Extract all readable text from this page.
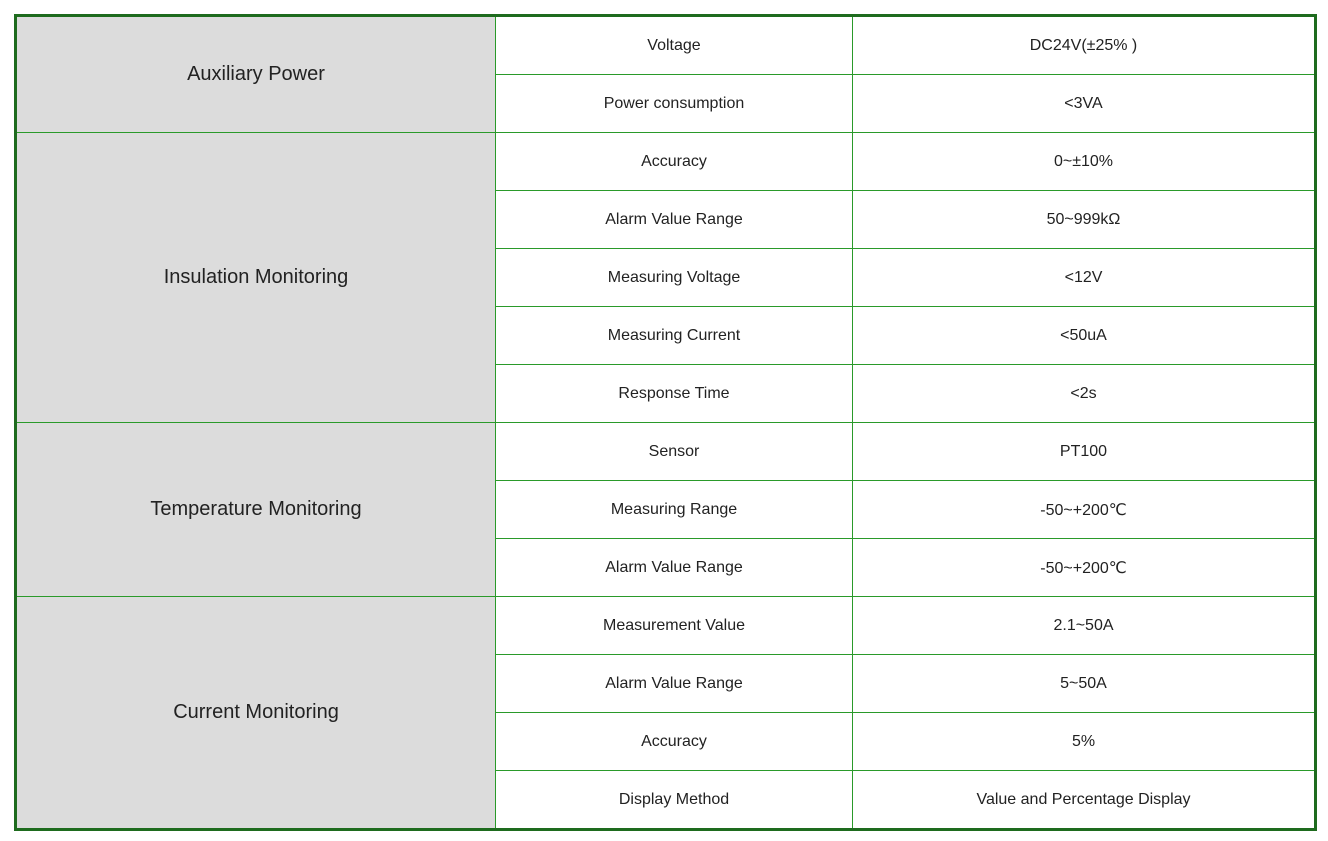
Auxiliary Power	Voltage	DC24V(±25% )
	Power consumption	<3VA
Insulation Monitoring	Accuracy	0~±10%
	Alarm Value Range	50~999kΩ
	Measuring Voltage	<12V
	Measuring Current	<50uA
	Response Time	<2s
Temperature Monitoring	Sensor	PT100
	Measuring Range	-50~+200℃
	Alarm Value Range	-50~+200℃
Current Monitoring	Measurement Value	2.1~50A
	Alarm Value Range	5~50A
	Accuracy	5%
	Display Method	Value and Percentage Display
